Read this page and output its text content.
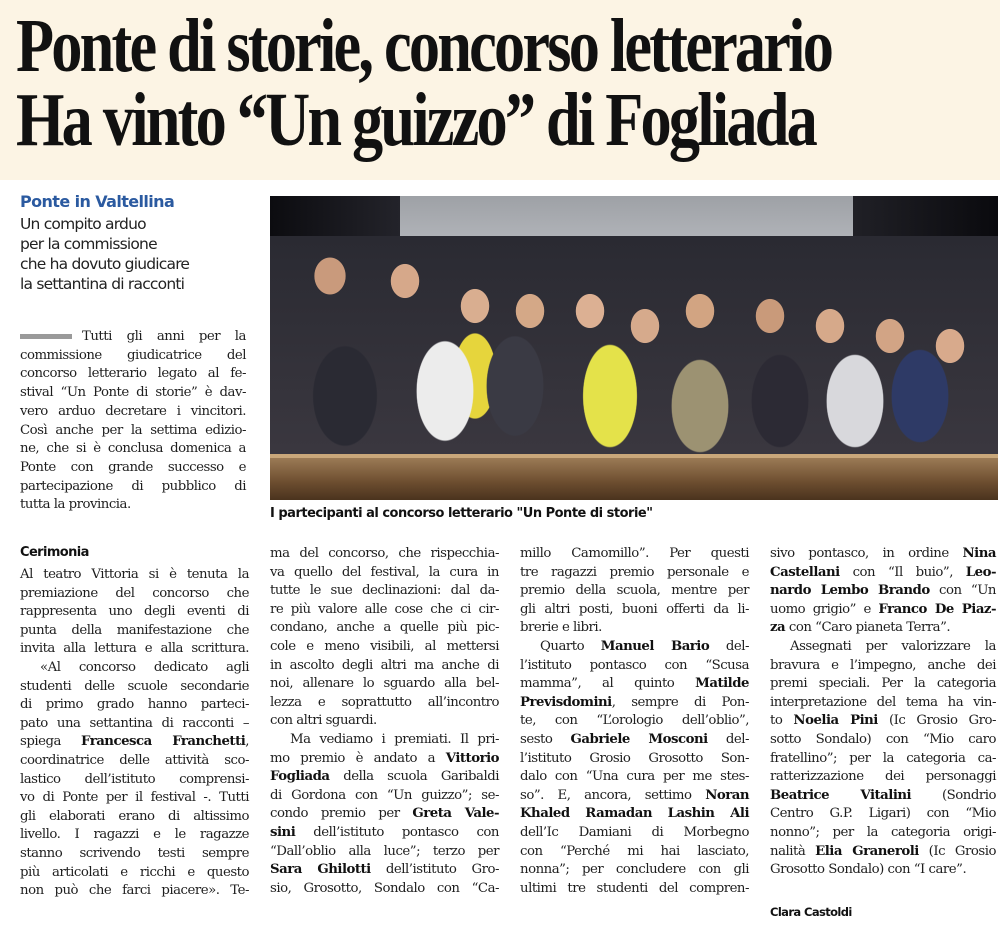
Ponte di storie, concorso letterario
Ha vinto “Un guizzo” di Fogliada
Ponte in Valtellina
Un compito arduo
per la commissione
che ha dovuto giudicare
la settantina di racconti
I partecipanti al concorso letterario "Un Ponte di storie"
Tutti gli anni per la
commissione giudicatrice del
concorso letterario legato al fe-
stival “Un Ponte di storie” è dav-
vero arduo decretare i vincitori.
Così anche per la settima edizio-
ne, che si è conclusa domenica a
Ponte con grande successo e
partecipazione di pubblico di
tutta la provincia.
Cerimonia
Al teatro Vittoria si è tenuta la
premiazione del concorso che
rappresenta uno degli eventi di
punta della manifestazione che
invita alla lettura e alla scrittura.
«Al concorso dedicato agli
studenti delle scuole secondarie
di primo grado hanno parteci-
pato una settantina di racconti –
spiega Francesca Franchetti,
coordinatrice delle attività sco-
lastico dell’istituto comprensi-
vo di Ponte per il festival -. Tutti
gli elaborati erano di altissimo
livello. I ragazzi e le ragazze
stanno scrivendo testi sempre
più articolati e ricchi e questo
non può che farci piacere». Te-
ma del concorso, che rispecchia-
va quello del festival, la cura in
tutte le sue declinazioni: dal da-
re più valore alle cose che ci cir-
condano, anche a quelle più pic-
cole e meno visibili, al mettersi
in ascolto degli altri ma anche di
noi, allenare lo sguardo alla bel-
lezza e soprattutto all’incontro
con altri sguardi.
Ma vediamo i premiati. Il pri-
mo premio è andato a Vittorio
Fogliada della scuola Garibaldi
di Gordona con “Un guizzo”; se-
condo premio per Greta Vale-
sini dell’istituto pontasco con
“Dall’oblio alla luce”; terzo per
Sara Ghilotti dell’istituto Gro-
sio, Grosotto, Sondalo con “Ca-
millo Camomillo”. Per questi
tre ragazzi premio personale e
premio della scuola, mentre per
gli altri posti, buoni offerti da li-
brerie e libri.
Quarto Manuel Bario del-
l’istituto pontasco con “Scusa
mamma”, al quinto Matilde
Previsdomini, sempre di Pon-
te, con “L’orologio dell’oblio”,
sesto Gabriele Mosconi del-
l’istituto Grosio Grosotto Son-
dalo con “Una cura per me stes-
so”. E, ancora, settimo Noran
Khaled Ramadan Lashin Ali
dell’Ic Damiani di Morbegno
con “Perché mi hai lasciato,
nonna”; per concludere con gli
ultimi tre studenti del compren-
sivo pontasco, in ordine Nina
Castellani con “Il buio”, Leo-
nardo Lembo Brando con “Un
uomo grigio” e Franco De Piaz-
za con “Caro pianeta Terra”.
Assegnati per valorizzare la
bravura e l’impegno, anche dei
premi speciali. Per la categoria
interpretazione del tema ha vin-
to Noelia Pini (Ic Grosio Gro-
sotto Sondalo) con “Mio caro
fratellino”; per la categoria ca-
ratterizzazione dei personaggi
Beatrice Vitalini (Sondrio
Centro G.P. Ligari) con “Mio
nonno”; per la categoria origi-
nalità Elia Graneroli (Ic Grosio
Grosotto Sondalo) con “I care”.
Clara Castoldi
